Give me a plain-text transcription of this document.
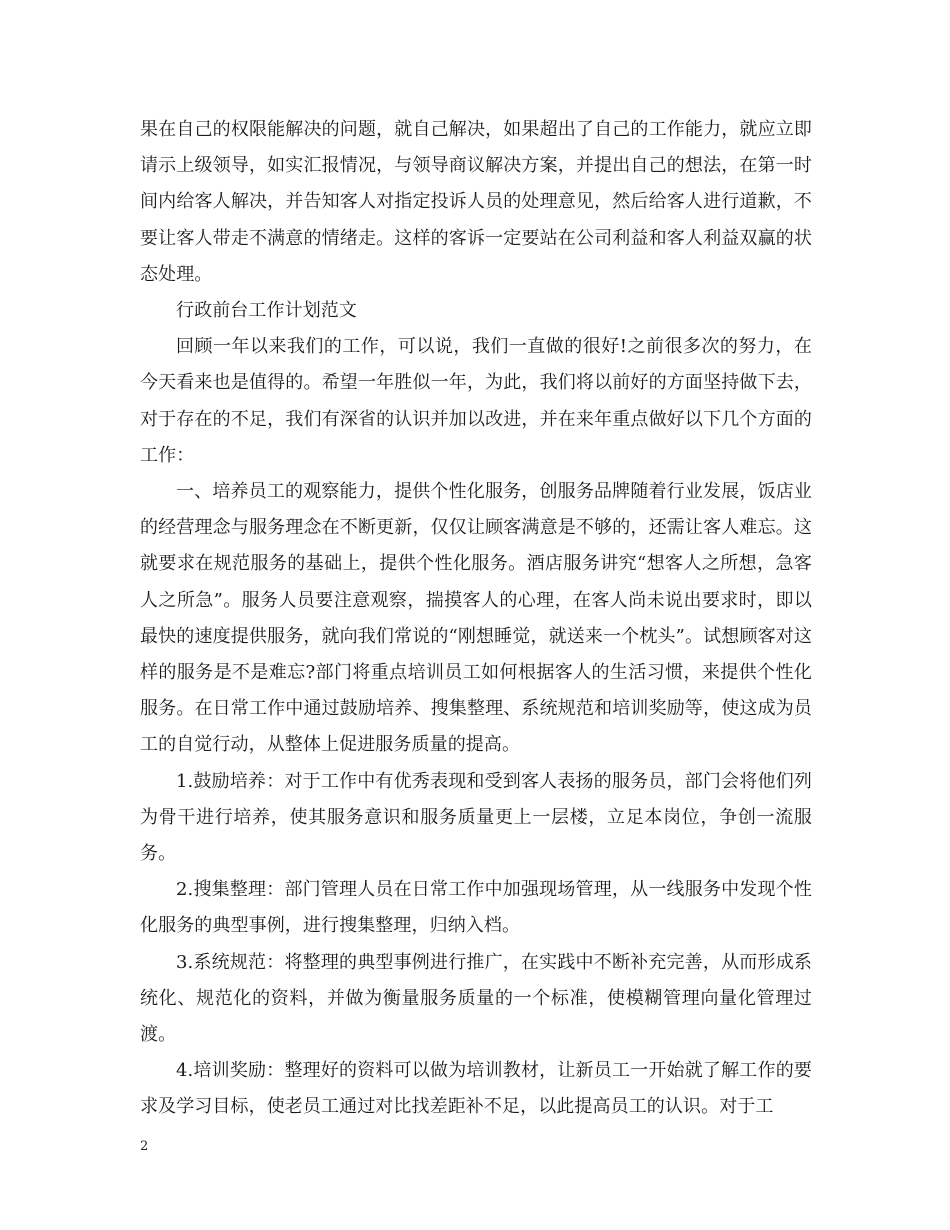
果在自己的权限能解决的问题，就自己解决，如果超出了自己的工作能力，就应立即请示上级领导，如实汇报情况，与领导商议解决方案，并提出自己的想法，在第一时间内给客人解决，并告知客人对指定投诉人员的处理意见，然后给客人进行道歉，不要让客人带走不满意的情绪走。这样的客诉一定要站在公司利益和客人利益双赢的状态处理。

行政前台工作计划范文

回顾一年以来我们的工作，可以说，我们一直做的很好!之前很多次的努力，在今天看来也是值得的。希望一年胜似一年，为此，我们将以前好的方面坚持做下去，对于存在的不足，我们有深省的认识并加以改进，并在来年重点做好以下几个方面的工作：

一、培养员工的观察能力，提供个性化服务，创服务品牌随着行业发展，饭店业的经营理念与服务理念在不断更新，仅仅让顾客满意是不够的，还需让客人难忘。这就要求在规范服务的基础上，提供个性化服务。酒店服务讲究“想客人之所想，急客人之所急”。服务人员要注意观察，揣摸客人的心理，在客人尚未说出要求时，即以最快的速度提供服务，就向我们常说的“刚想睡觉，就送来一个枕头”。试想顾客对这样的服务是不是难忘?部门将重点培训员工如何根据客人的生活习惯，来提供个性化服务。在日常工作中通过鼓励培养、搜集整理、系统规范和培训奖励等，使这成为员工的自觉行动，从整体上促进服务质量的提高。

1.鼓励培养：对于工作中有优秀表现和受到客人表扬的服务员，部门会将他们列为骨干进行培养，使其服务意识和服务质量更上一层楼，立足本岗位，争创一流服务。

2.搜集整理：部门管理人员在日常工作中加强现场管理，从一线服务中发现个性化服务的典型事例，进行搜集整理，归纳入档。

3.系统规范：将整理的典型事例进行推广，在实践中不断补充完善，从而形成系统化、规范化的资料，并做为衡量服务质量的一个标准，使模糊管理向量化管理过渡。

4.培训奖励：整理好的资料可以做为培训教材，让新员工一开始就了解工作的要求及学习目标，使老员工通过对比找差距补不足，以此提高员工的认识。对于工

2
